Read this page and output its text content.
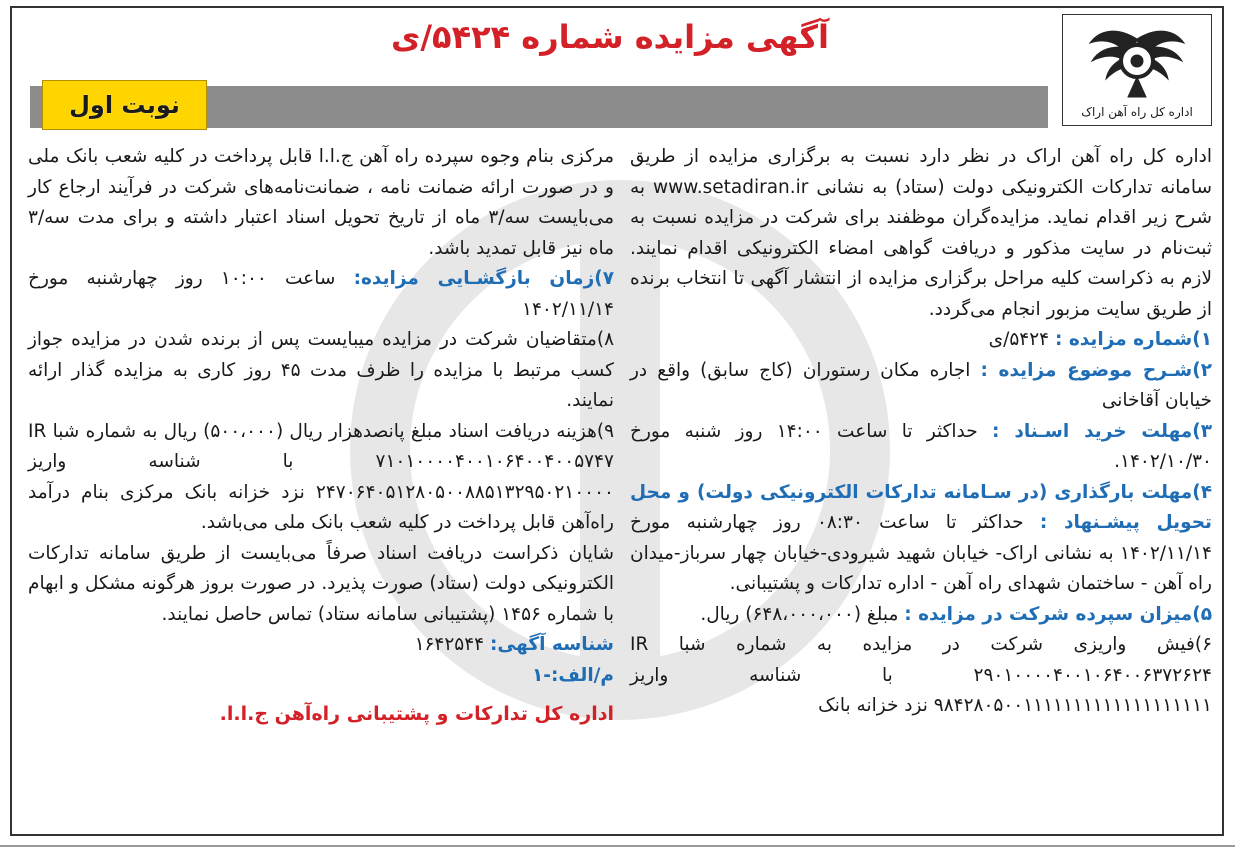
اداره کل راه آهن اراک
آگهی مزایده شماره ۵۴۲۴/ی
نوبت اول

اداره کل راه آهن اراک در نظر دارد نسبت به برگزاری مزایده از طریق سامانه تدارکات الکترونیکی دولت (ستاد) به نشانی www.setadiran.ir به شرح زیر اقدام نماید. مزایده‌گران موظفند برای شرکت در مزایده نسبت به ثبت‌نام در سایت مذکور و دریافت گواهی امضاء الکترونیکی اقدام نمایند. لازم به ذکراست کلیه مراحل برگزاری مزایده از انتشار آگهی تا انتخاب برنده از طریق سایت مزبور انجام می‌گردد.

۱)شماره مزایده : ۵۴۲۴/ی

۲)شـرح موضوع مزایده : اجاره مکان رستوران (کاج سابق) واقع در خیابان آقاخانی

۳)مهلت خرید اسـناد : حداکثر تا ساعت ۱۴:۰۰ روز شنبه مورخ ۱۴۰۲/۱۰/۳۰.

۴)مهلت بارگذاری (در سـامانه تدارکات الکترونیکی دولت) و محل تحویل پیشـنهاد : حداکثر تا ساعت ۰۸:۳۰ روز چهارشنبه مورخ ۱۴۰۲/۱۱/۱۴ به نشانی اراک- خیابان شهید شیرودی-خیابان چهار سرباز-میدان راه آهن - ساختمان شهدای راه آهن - اداره تدارکات و پشتیبانی.

۵)میزان سپرده شرکت در مزایده : مبلغ (۶۴۸،۰۰۰،۰۰۰) ریال.

۶)فیش واریزی شرکت در مزایده به شماره شبا IR ۲۹۰۱۰۰۰۰۴۰۰۱۰۶۴۰۰۶۳۷۲۶۲۴ با شناسه واریز ۹۸۴۲۸۰۵۰۰۱۱۱۱۱۱۱۱۱۱۱۱۱۱۱۱۱۱۱ نزد خزانه بانک

مرکزی بنام وجوه سپرده راه آهن ج.ا.ا قابل پرداخت در کلیه شعب بانک ملی و در صورت ارائه ضمانت نامه ، ضمانت‌نامه‌های شرکت در فرآیند ارجاع کار می‌بایست سه/۳ ماه از تاریخ تحویل اسناد اعتبار داشته و برای مدت سه/۳ ماه نیز قابل تمدید باشد.

۷)زمان بازگشـایی مزایده: ساعت ۱۰:۰۰ روز چهارشنبه مورخ ۱۴۰۲/۱۱/۱۴

۸)متقاضیان شرکت در مزایده میبایست پس از برنده شدن در مزایده جواز کسب مرتبط با مزایده را ظرف مدت ۴۵ روز کاری به مزایده گذار ارائه نمایند.

۹)هزینه دریافت اسناد مبلغ پانصدهزار ریال (۵۰۰،۰۰۰) ریال به شماره شبا IR ۷۱۰۱۰۰۰۰۴۰۰۱۰۶۴۰۰۴۰۰۵۷۴۷ با شناسه واریز ۲۴۷۰۶۴۰۵۱۲۸۰۵۰۰۸۸۵۱۳۲۹۵۰۲۱۰۰۰۰ نزد خزانه بانک مرکزی بنام درآمد راه‌آهن قابل پرداخت در کلیه شعب بانک ملی می‌باشد.

شایان ذکراست دریافت اسناد صرفاً می‌بایست از طریق سامانه تدارکات الکترونیکی دولت (ستاد) صورت پذیرد. در صورت بروز هرگونه مشکل و ابهام با شماره ۱۴۵۶ (پشتیبانی سامانه ستاد) تماس حاصل نمایند.

شناسه آگهی: ۱۶۴۲۵۴۴

م/الف:-۱

اداره کل تدارکات و پشتیبانی راه‌آهن ج.ا.ا.
